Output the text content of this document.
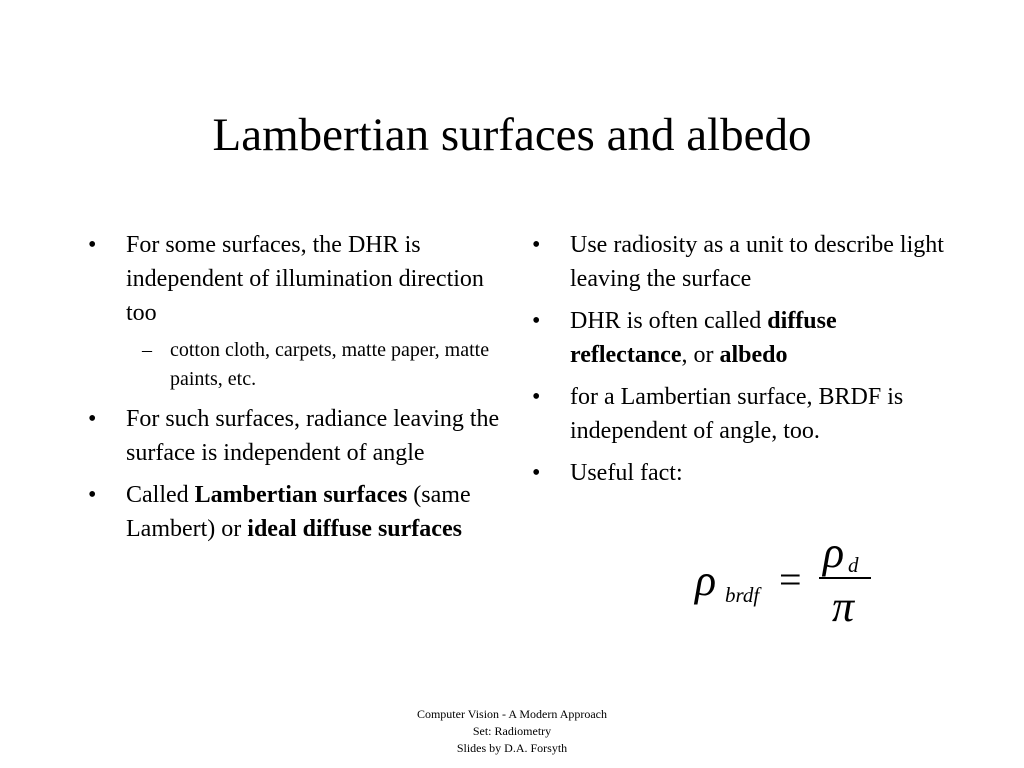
Lambertian surfaces and albedo
• For some surfaces, the DHR is independent of illumination direction too
– cotton cloth, carpets, matte paper, matte paints, etc.
• For such surfaces, radiance leaving the surface is independent of angle
• Called Lambertian surfaces (same Lambert) or ideal diffuse surfaces
• Use radiosity as a unit to describe light leaving the surface
• DHR is often called diffuse reflectance, or albedo
• for a Lambertian surface, BRDF is independent of angle, too.
• Useful fact:
ρ brdf =
ρ d
π
Computer Vision - A Modern Approach
Set: Radiometry
Slides by D.A. Forsyth
